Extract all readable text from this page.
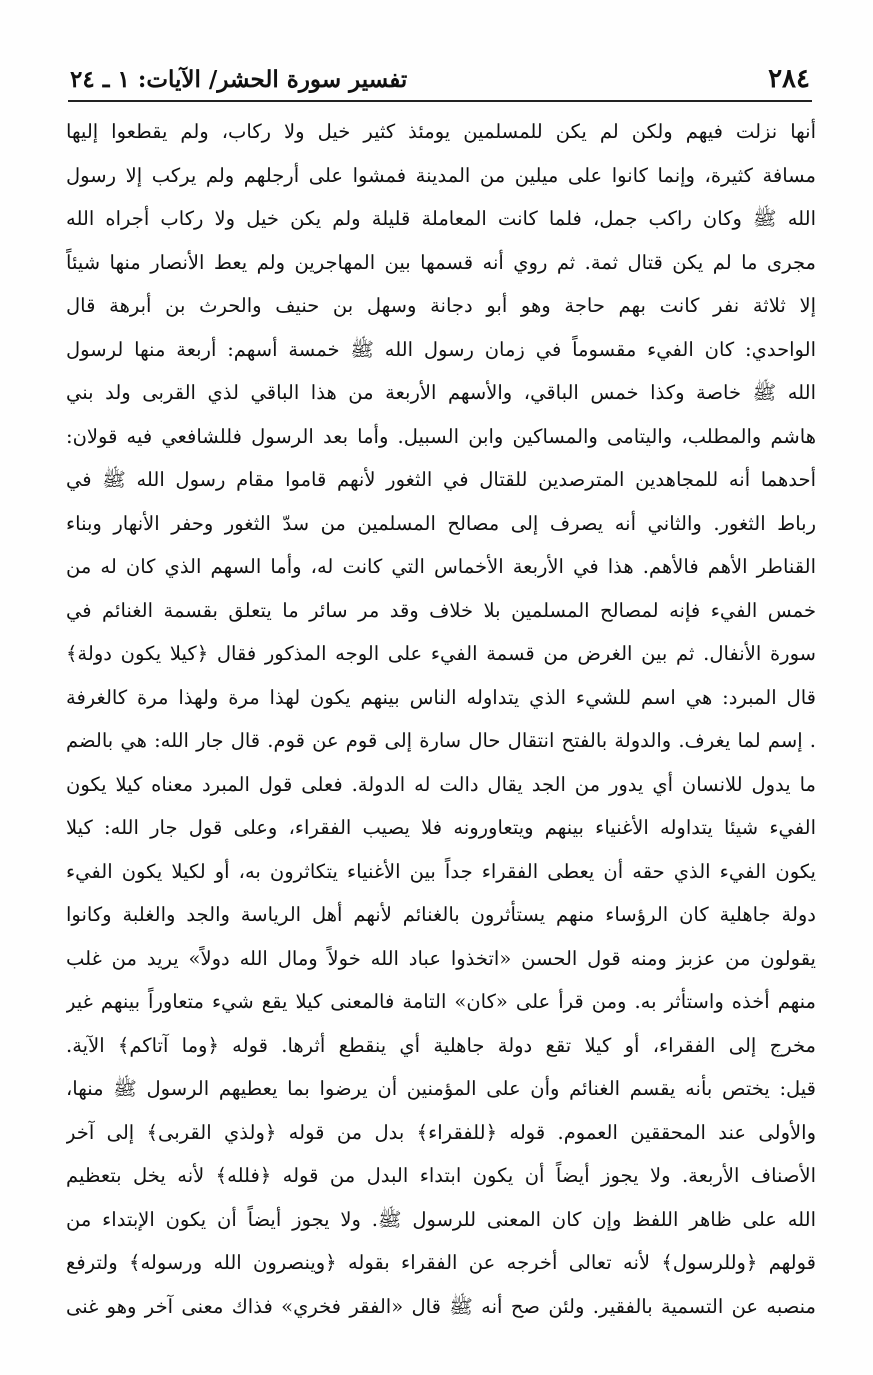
٢٨٤
تفسير سورة الحشر/ الآيات: ١ ـ ٢٤
أنها نزلت فيهم ولكن لم يكن للمسلمين يومئذ كثير خيل ولا ركاب، ولم يقطعوا إليها
مسافة كثيرة، وإنما كانوا على ميلين من المدينة فمشوا على أرجلهم ولم يركب إلا رسول
الله ﷺ وكان راكب جمل، فلما كانت المعاملة قليلة ولم يكن خيل ولا ركاب أجراه الله
مجرى ما لم يكن قتال ثمة. ثم روي أنه قسمها بين المهاجرين ولم يعط الأنصار منها شيئاً
إلا ثلاثة نفر كانت بهم حاجة وهو أبو دجانة وسهل بن حنيف والحرث بن أبرهة قال
الواحدي: كان الفيء مقسوماً في زمان رسول الله ﷺ خمسة أسهم: أربعة منها لرسول
الله ﷺ خاصة وكذا خمس الباقي، والأسهم الأربعة من هذا الباقي لذي القربى ولد بني
هاشم والمطلب، واليتامى والمساكين وابن السبيل. وأما بعد الرسول فللشافعي فيه قولان:
أحدهما أنه للمجاهدين المترصدين للقتال في الثغور لأنهم قاموا مقام رسول الله ﷺ في
رباط الثغور. والثاني أنه يصرف إلى مصالح المسلمين من سدّ الثغور وحفر الأنهار وبناء
القناطر الأهم فالأهم. هذا في الأربعة الأخماس التي كانت له، وأما السهم الذي كان له من
خمس الفيء فإنه لمصالح المسلمين بلا خلاف وقد مر سائر ما يتعلق بقسمة الغنائم في
سورة الأنفال. ثم بين الغرض من قسمة الفيء على الوجه المذكور فقال ﴿كيلا يكون دولة﴾
قال المبرد: هي اسم للشيء الذي يتداوله الناس بينهم يكون لهذا مرة ولهذا مرة كالغرفة
. إسم لما يغرف. والدولة بالفتح انتقال حال سارة إلى قوم عن قوم. قال جار الله: هي بالضم
ما يدول للانسان أي يدور من الجد يقال دالت له الدولة. فعلى قول المبرد معناه كيلا يكون
الفيء شيئا يتداوله الأغنياء بينهم ويتعاورونه فلا يصيب الفقراء، وعلى قول جار الله: كيلا
يكون الفيء الذي حقه أن يعطى الفقراء جداً بين الأغنياء يتكاثرون به، أو لكيلا يكون الفيء
دولة جاهلية كان الرؤساء منهم يستأثرون بالغنائم لأنهم أهل الرياسة والجد والغلبة وكانوا
يقولون من عزبز ومنه قول الحسن «اتخذوا عباد الله خولاً ومال الله دولاً» يريد من غلب
منهم أخذه واستأثر به. ومن قرأ على «كان» التامة فالمعنى كيلا يقع شيء متعاوراً بينهم غير
مخرج إلى الفقراء، أو كيلا تقع دولة جاهلية أي ينقطع أثرها. قوله ﴿وما آتاكم﴾ الآية.
قيل: يختص بأنه يقسم الغنائم وأن على المؤمنين أن يرضوا بما يعطيهم الرسول ﷺ منها،
والأولى عند المحققين العموم. قوله ﴿للفقراء﴾ بدل من قوله ﴿ولذي القربى﴾ إلى آخر
الأصناف الأربعة. ولا يجوز أيضاً أن يكون ابتداء البدل من قوله ﴿فلله﴾ لأنه يخل بتعظيم
الله على ظاهر اللفظ وإن كان المعنى للرسول ﷺ. ولا يجوز أيضاً أن يكون الإبتداء من
قولهم ﴿وللرسول﴾ لأنه تعالى أخرجه عن الفقراء بقوله ﴿وينصرون الله ورسوله﴾ ولترفع
منصبه عن التسمية بالفقير. ولئن صح أنه ﷺ قال «الفقر فخري» فذاك معنى آخر وهو غنى
